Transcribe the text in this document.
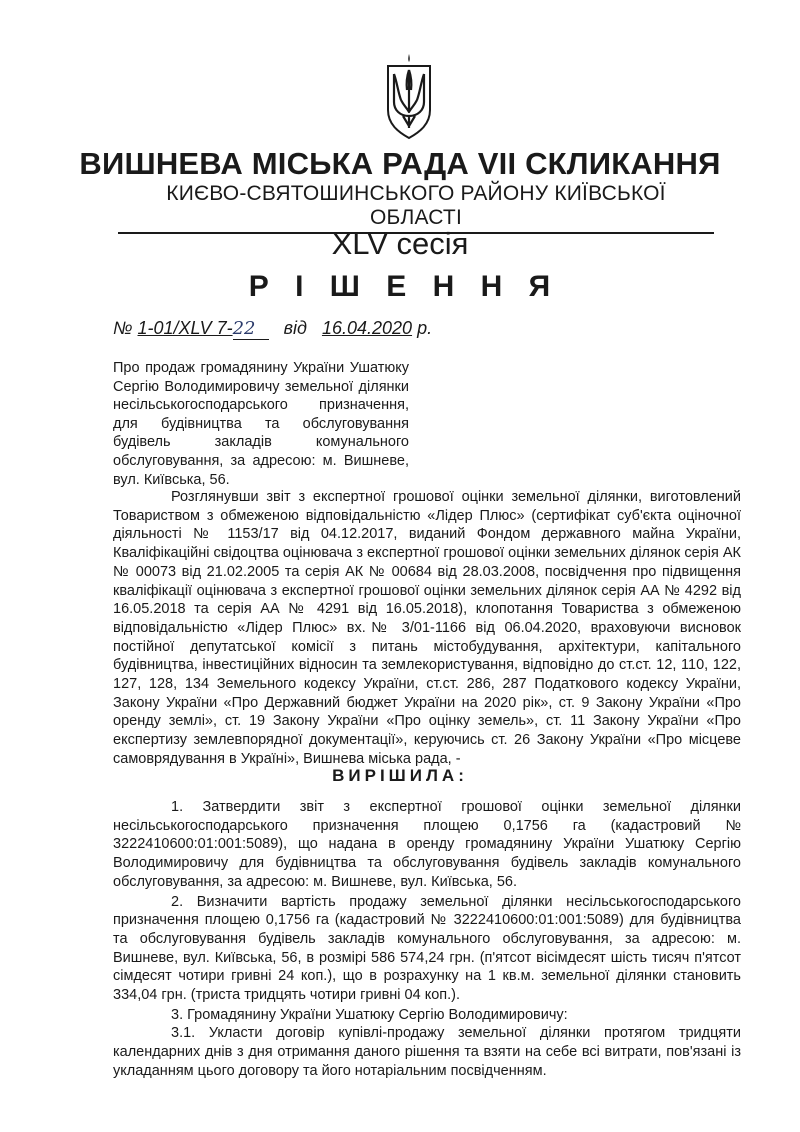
ВИШНЕВА МІСЬКА РАДА VII СКЛИКАННЯ
КИЄВО-СВЯТОШИНСЬКОГО РАЙОНУ КИЇВСЬКОЇ ОБЛАСТІ
XLV сесія
Р І Ш Е Н Н Я
№ 1-01/XLV 7-22 від 16.04.2020 р.
Про продаж громадянину України Ушатюку Сергію Володимировичу земельної ділянки несільськогосподарського призначення, для будівництва та обслуговування будівель закладів комунального обслуговування, за адресою: м. Вишневе, вул. Київська, 56.

Розглянувши звіт з експертної грошової оцінки земельної ділянки, виготовлений Товариством з обмеженою відповідальністю «Лідер Плюс» (сертифікат суб'єкта оціночної діяльності № 1153/17 від 04.12.2017, виданий Фондом державного майна України, Кваліфікаційні свідоцтва оцінювача з експертної грошової оцінки земельних ділянок серія АК № 00073 від 21.02.2005 та серія АК № 00684 від 28.03.2008, посвідчення про підвищення кваліфікації оцінювача з експертної грошової оцінки земельних ділянок серія АА № 4292 від 16.05.2018 та серія АА № 4291 від 16.05.2018), клопотання Товариства з обмеженою відповідальністю «Лідер Плюс» вх.№ 3/01-1166 від 06.04.2020, враховуючи висновок постійної депутатської комісії з питань містобудування, архітектури, капітального будівництва, інвестиційних відносин та землекористування, відповідно до ст.ст. 12, 110, 122, 127, 128, 134 Земельного кодексу України, ст.ст. 286, 287 Податкового кодексу України, Закону України «Про Державний бюджет України на 2020 рік», ст. 9 Закону України «Про оренду землі», ст. 19 Закону України «Про оцінку земель», ст. 11 Закону України «Про експертизу землевпорядної документації», керуючись ст. 26 Закону України «Про місцеве самоврядування в Україні», Вишнева міська рада, -

ВИРІШИЛА:

1. Затвердити звіт з експертної грошової оцінки земельної ділянки несільськогосподарського призначення площею 0,1756 га (кадастровий № 3222410600:01:001:5089), що надана в оренду громадянину України Ушатюку Сергію Володимировичу для будівництва та обслуговування будівель закладів комунального обслуговування, за адресою: м. Вишневе, вул. Київська, 56.

2. Визначити вартість продажу земельної ділянки несільськогосподарського призначення площею 0,1756 га (кадастровий № 3222410600:01:001:5089) для будівництва та обслуговування будівель закладів комунального обслуговування, за адресою: м. Вишневе, вул. Київська, 56, в розмірі 586 574,24 грн. (п'ятсот вісімдесят шість тисяч п'ятсот сімдесят чотири гривні 24 коп.), що в розрахунку на 1 кв.м. земельної ділянки становить 334,04 грн. (триста тридцять чотири гривні 04 коп.).

3. Громадянину України Ушатюку Сергію Володимировичу:

3.1. Укласти договір купівлі-продажу земельної ділянки протягом тридцяти календарних днів з дня отримання даного рішення та взяти на себе всі витрати, пов'язані із укладанням цього договору та його нотаріальним посвідченням.
